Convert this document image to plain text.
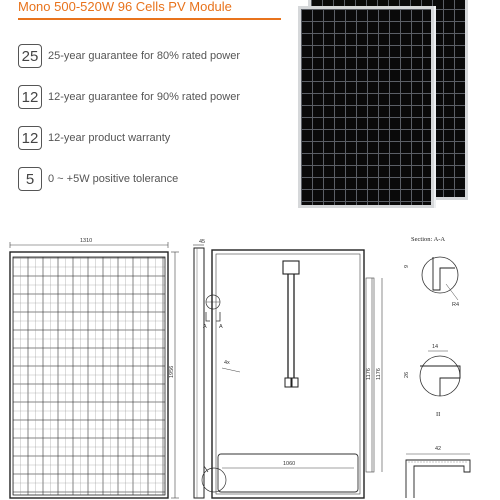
Mono 500-520W 96 Cells PV Module
25 25-year guarantee for 80% rated power
12 12-year guarantee for 90% rated power
12 12-year product warranty
5	0 ~ +5W positive tolerance
1310
1956
45
A A
4x
1060
1176 1176
Section: A-A
R4
9
14
26
II
42
